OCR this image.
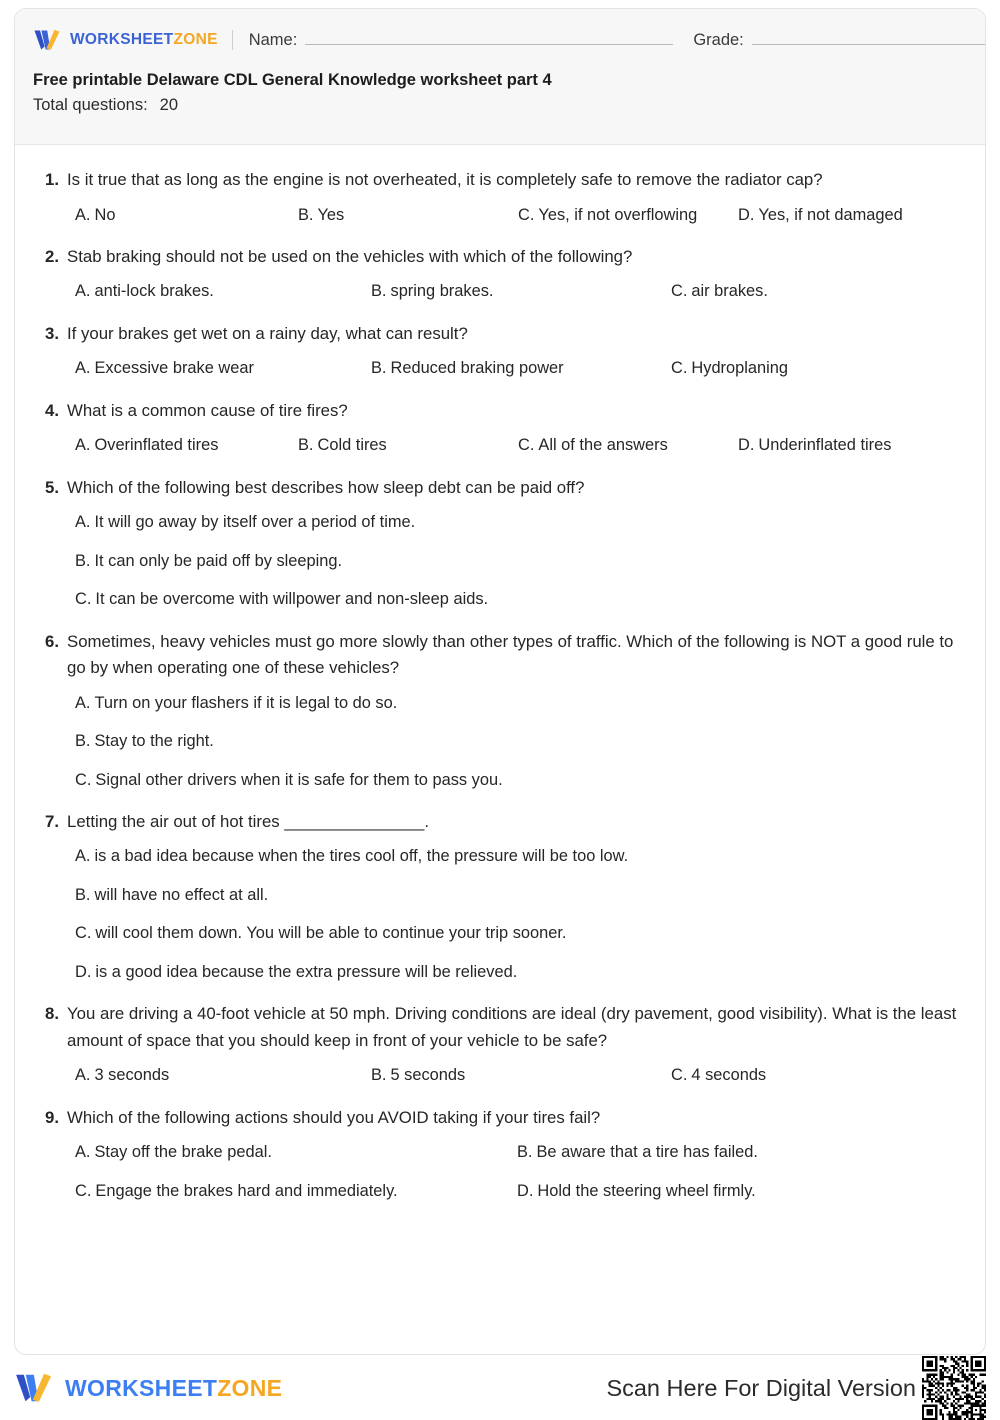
WORKSHEETZONE Name:	Grade:
Free printable Delaware CDL General Knowledge worksheet part 4
Total questions: 20
1. Is it true that as long as the engine is not overheated, it is completely safe to remove the radiator cap?
A. No	B. Yes	C. Yes, if not overflowing	D. Yes, if not damaged
2. Stab braking should not be used on the vehicles with which of the following?
A. anti-lock brakes.	B. spring brakes.	C. air brakes.
3. If your brakes get wet on a rainy day, what can result?
A. Excessive brake wear	B. Reduced braking power	C. Hydroplaning
4. What is a common cause of tire fires?
A. Overinflated tires	B. Cold tires	C. All of the answers	D. Underinflated tires
5. Which of the following best describes how sleep debt can be paid off?
A. It will go away by itself over a period of time.
B. It can only be paid off by sleeping.
C. It can be overcome with willpower and non-sleep aids.
6. Sometimes, heavy vehicles must go more slowly than other types of traffic. Which of the following is NOT a good rule to go by when operating one of these vehicles?
A. Turn on your flashers if it is legal to do so.
B. Stay to the right.
C. Signal other drivers when it is safe for them to pass you.
7. Letting the air out of hot tires _______________.
A. is a bad idea because when the tires cool off, the pressure will be too low.
B. will have no effect at all.
C. will cool them down. You will be able to continue your trip sooner.
D. is a good idea because the extra pressure will be relieved.
8. You are driving a 40-foot vehicle at 50 mph. Driving conditions are ideal (dry pavement, good visibility). What is the least amount of space that you should keep in front of your vehicle to be safe?
A. 3 seconds	B. 5 seconds	C. 4 seconds
9. Which of the following actions should you AVOID taking if your tires fail?
A. Stay off the brake pedal.	B. Be aware that a tire has failed.
C. Engage the brakes hard and immediately.	D. Hold the steering wheel firmly.
WORKSHEETZONE	Scan Here For Digital Version
